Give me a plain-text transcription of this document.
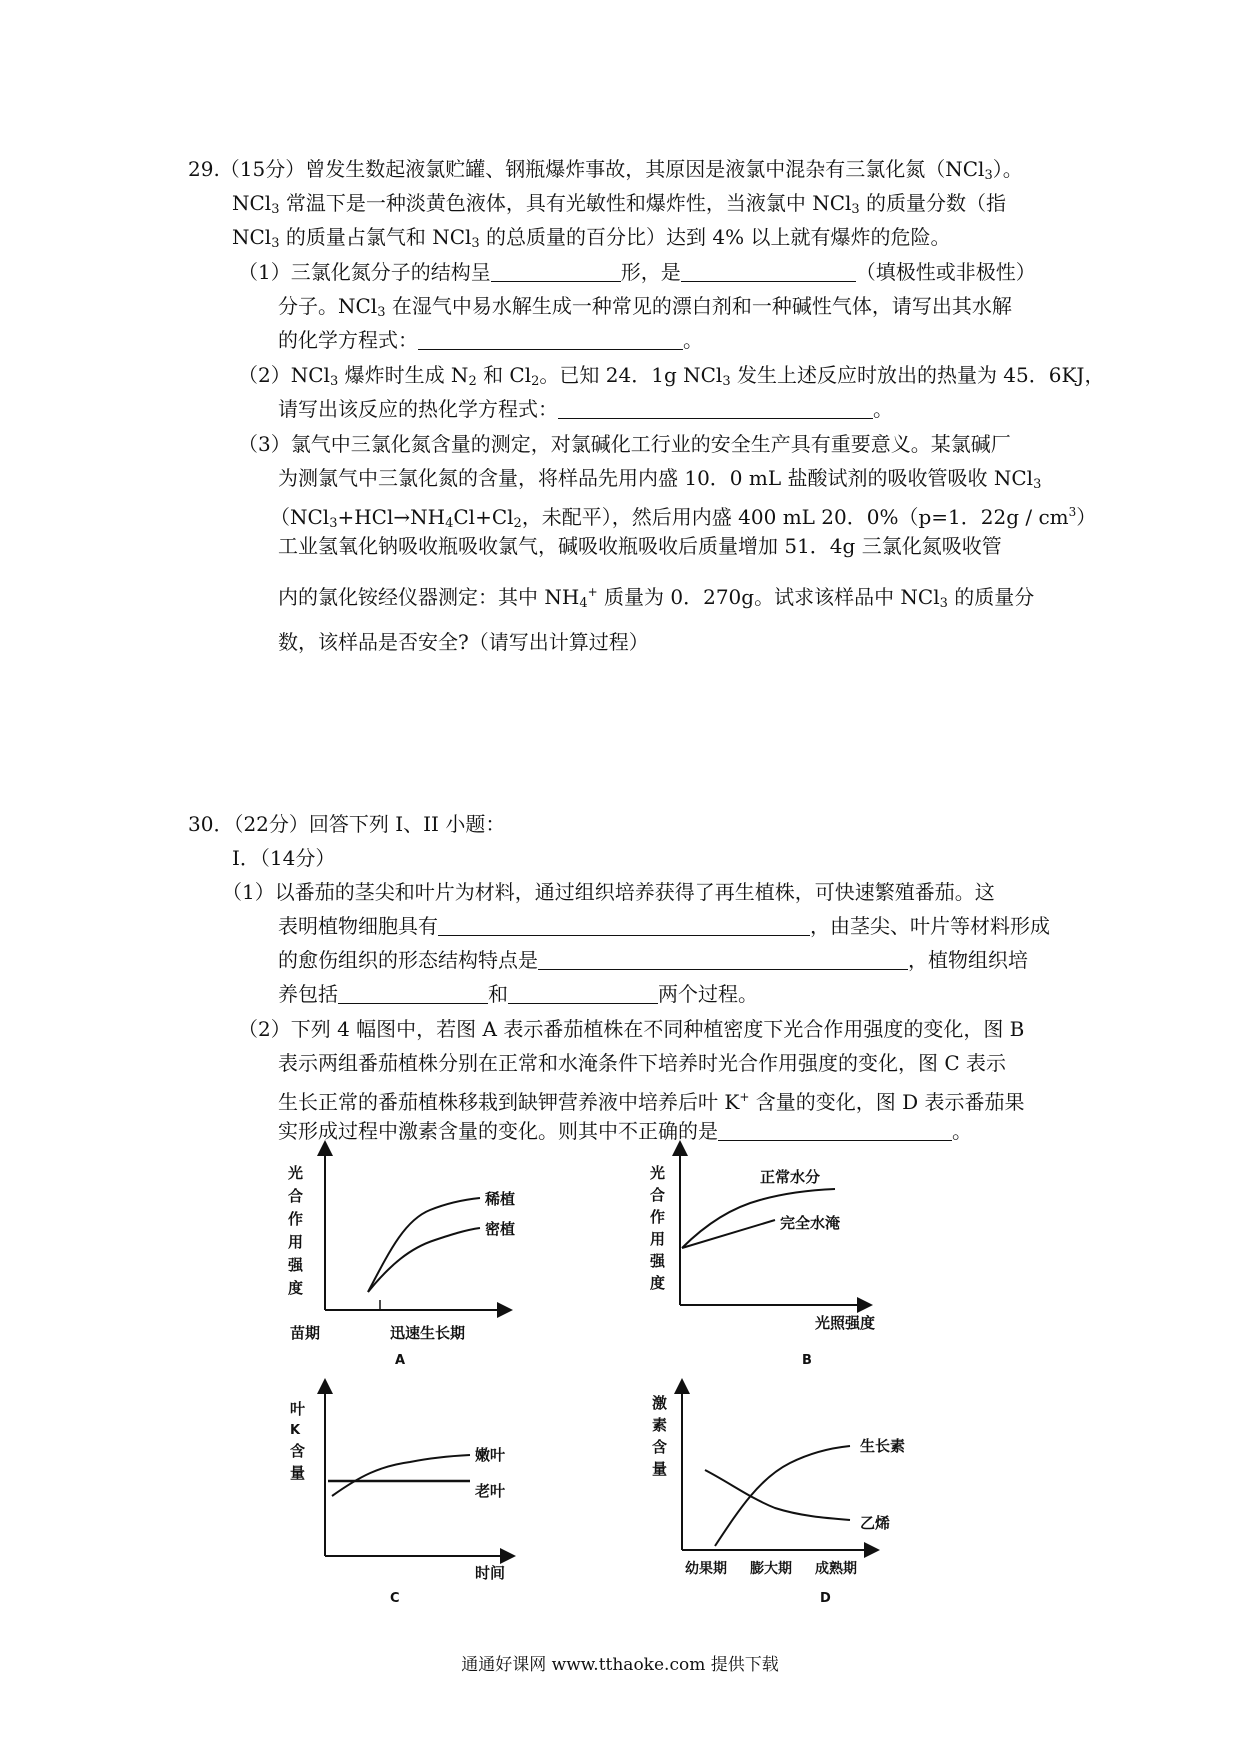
29.（15分）曾发生数起液氯贮罐、钢瓶爆炸事故，其原因是液氯中混杂有三氯化氮（NCl$_3$）。
NCl$_3$ 常温下是一种淡黄色液体，具有光敏性和爆炸性，当液氯中 NCl$_3$ 的质量分数（指
NCl$_3$ 的质量占氯气和 NCl$_3$ 的总质量的百分比）达到 4% 以上就有爆炸的危险。
（1）三氯化氮分子的结构呈	形，是	（填极性或非极性）
分子。NCl$_3$ 在湿气中易水解生成一种常见的漂白剂和一种碱性气体，请写出其水解
的化学方程式：	。
（2）NCl$_3$ 爆炸时生成 $N_2$ 和 $Cl_2$。已知 24．1g NCl$_3$ 发生上述反应时放出的热量为 45．6KJ，
请写出该反应的热化学方程式：	。
（3）氯气中三氯化氮含量的测定，对氯碱化工行业的安全生产具有重要意义。某氯碱厂
为测氯气中三氯化氮的含量，将样品先用内盛 10．0 mL 盐酸试剂的吸收管吸收 NCl$_3$
（$NCl_3+HCl\to NH_4Cl+Cl_2$，未配平），然后用内盛 400 mL 20．0%（p=1．$22g / cm^3$）
工业氢氧化钠吸收瓶吸收氯气，碱吸收瓶吸收后质量增加 51．4g 三氯化氮吸收管
内的氯化铵经仪器测定：其中 $NH_4^+$ 质量为 0．270g。试求该样品中 NCl$_3$ 的质量分
数，该样品是否安全?（请写出计算过程）
30．（22分）回答下列 I、II 小题：
I．（14分）
（1）以番茄的茎尖和叶片为材料，通过组织培养获得了再生植株，可快速繁殖番茄。这
表明植物细胞具有	，由茎尖、叶片等材料形成
的愈伤组织的形态结构特点是	，植物组织培
养包括	和	两个过程。
（2）下列 4 幅图中，若图 A 表示番茄植株在不同种植密度下光合作用强度的变化，图 B
表示两组番茄植株分别在正常和水淹条件下培养时光合作用强度的变化，图 C 表示
生长正常的番茄植株移栽到缺钾营养液中培养后叶 K+ 含量的变化，图 D 表示番茄果
实形成过程中激素含量的变化。则其中不正确的是	。
光
合
作
用
强
度
稀植
密植
苗期	迅速生长期
A
光
合
作
用
强
度
正常水分
完全水淹
光照强度
B
叶
K
含
量
嫩叶
老叶
时间
C
激
素
含
量
生长素
乙烯
幼果期 膨大期 成熟期
D
通通好课网 www.tthaoke.com 提供下载
